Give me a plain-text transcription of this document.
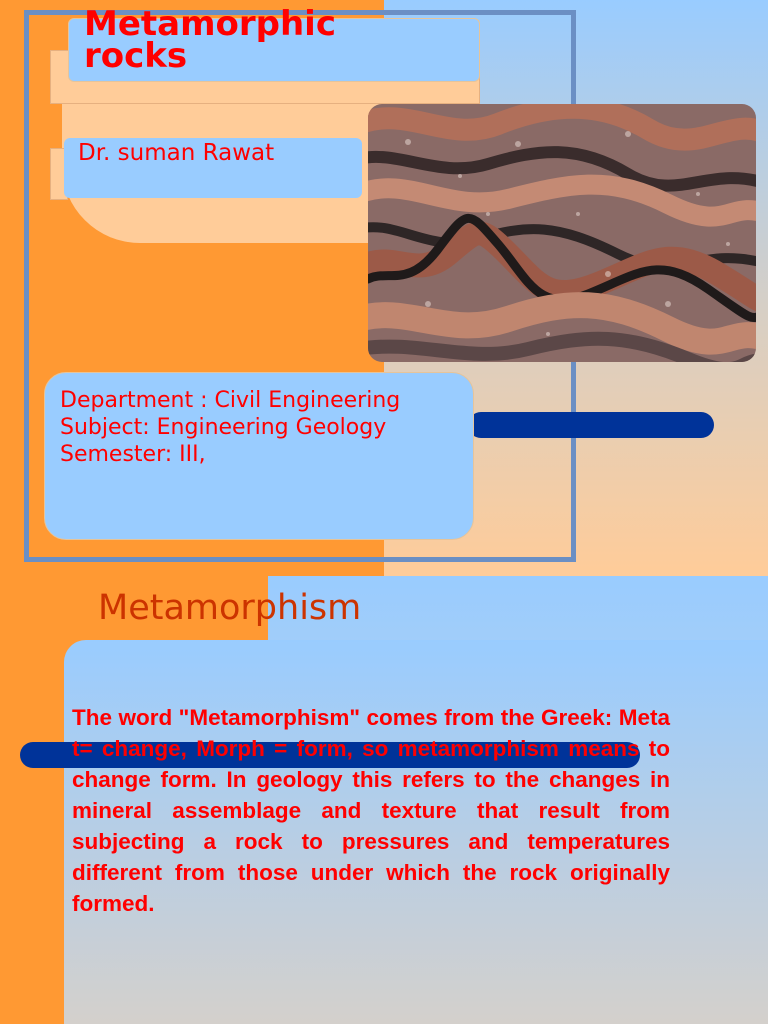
Metamorphic rocks
Dr. suman Rawat
Department : Civil Engineering
Subject: Engineering Geology
Semester: III,
Metamorphism

The word "Metamorphism" comes from the Greek: Meta t= change, Morph = form, so metamorphism means to change form. In geology this refers to the changes in mineral assemblage and texture that result from subjecting a rock to pressures and temperatures different from those under which the rock originally formed.
